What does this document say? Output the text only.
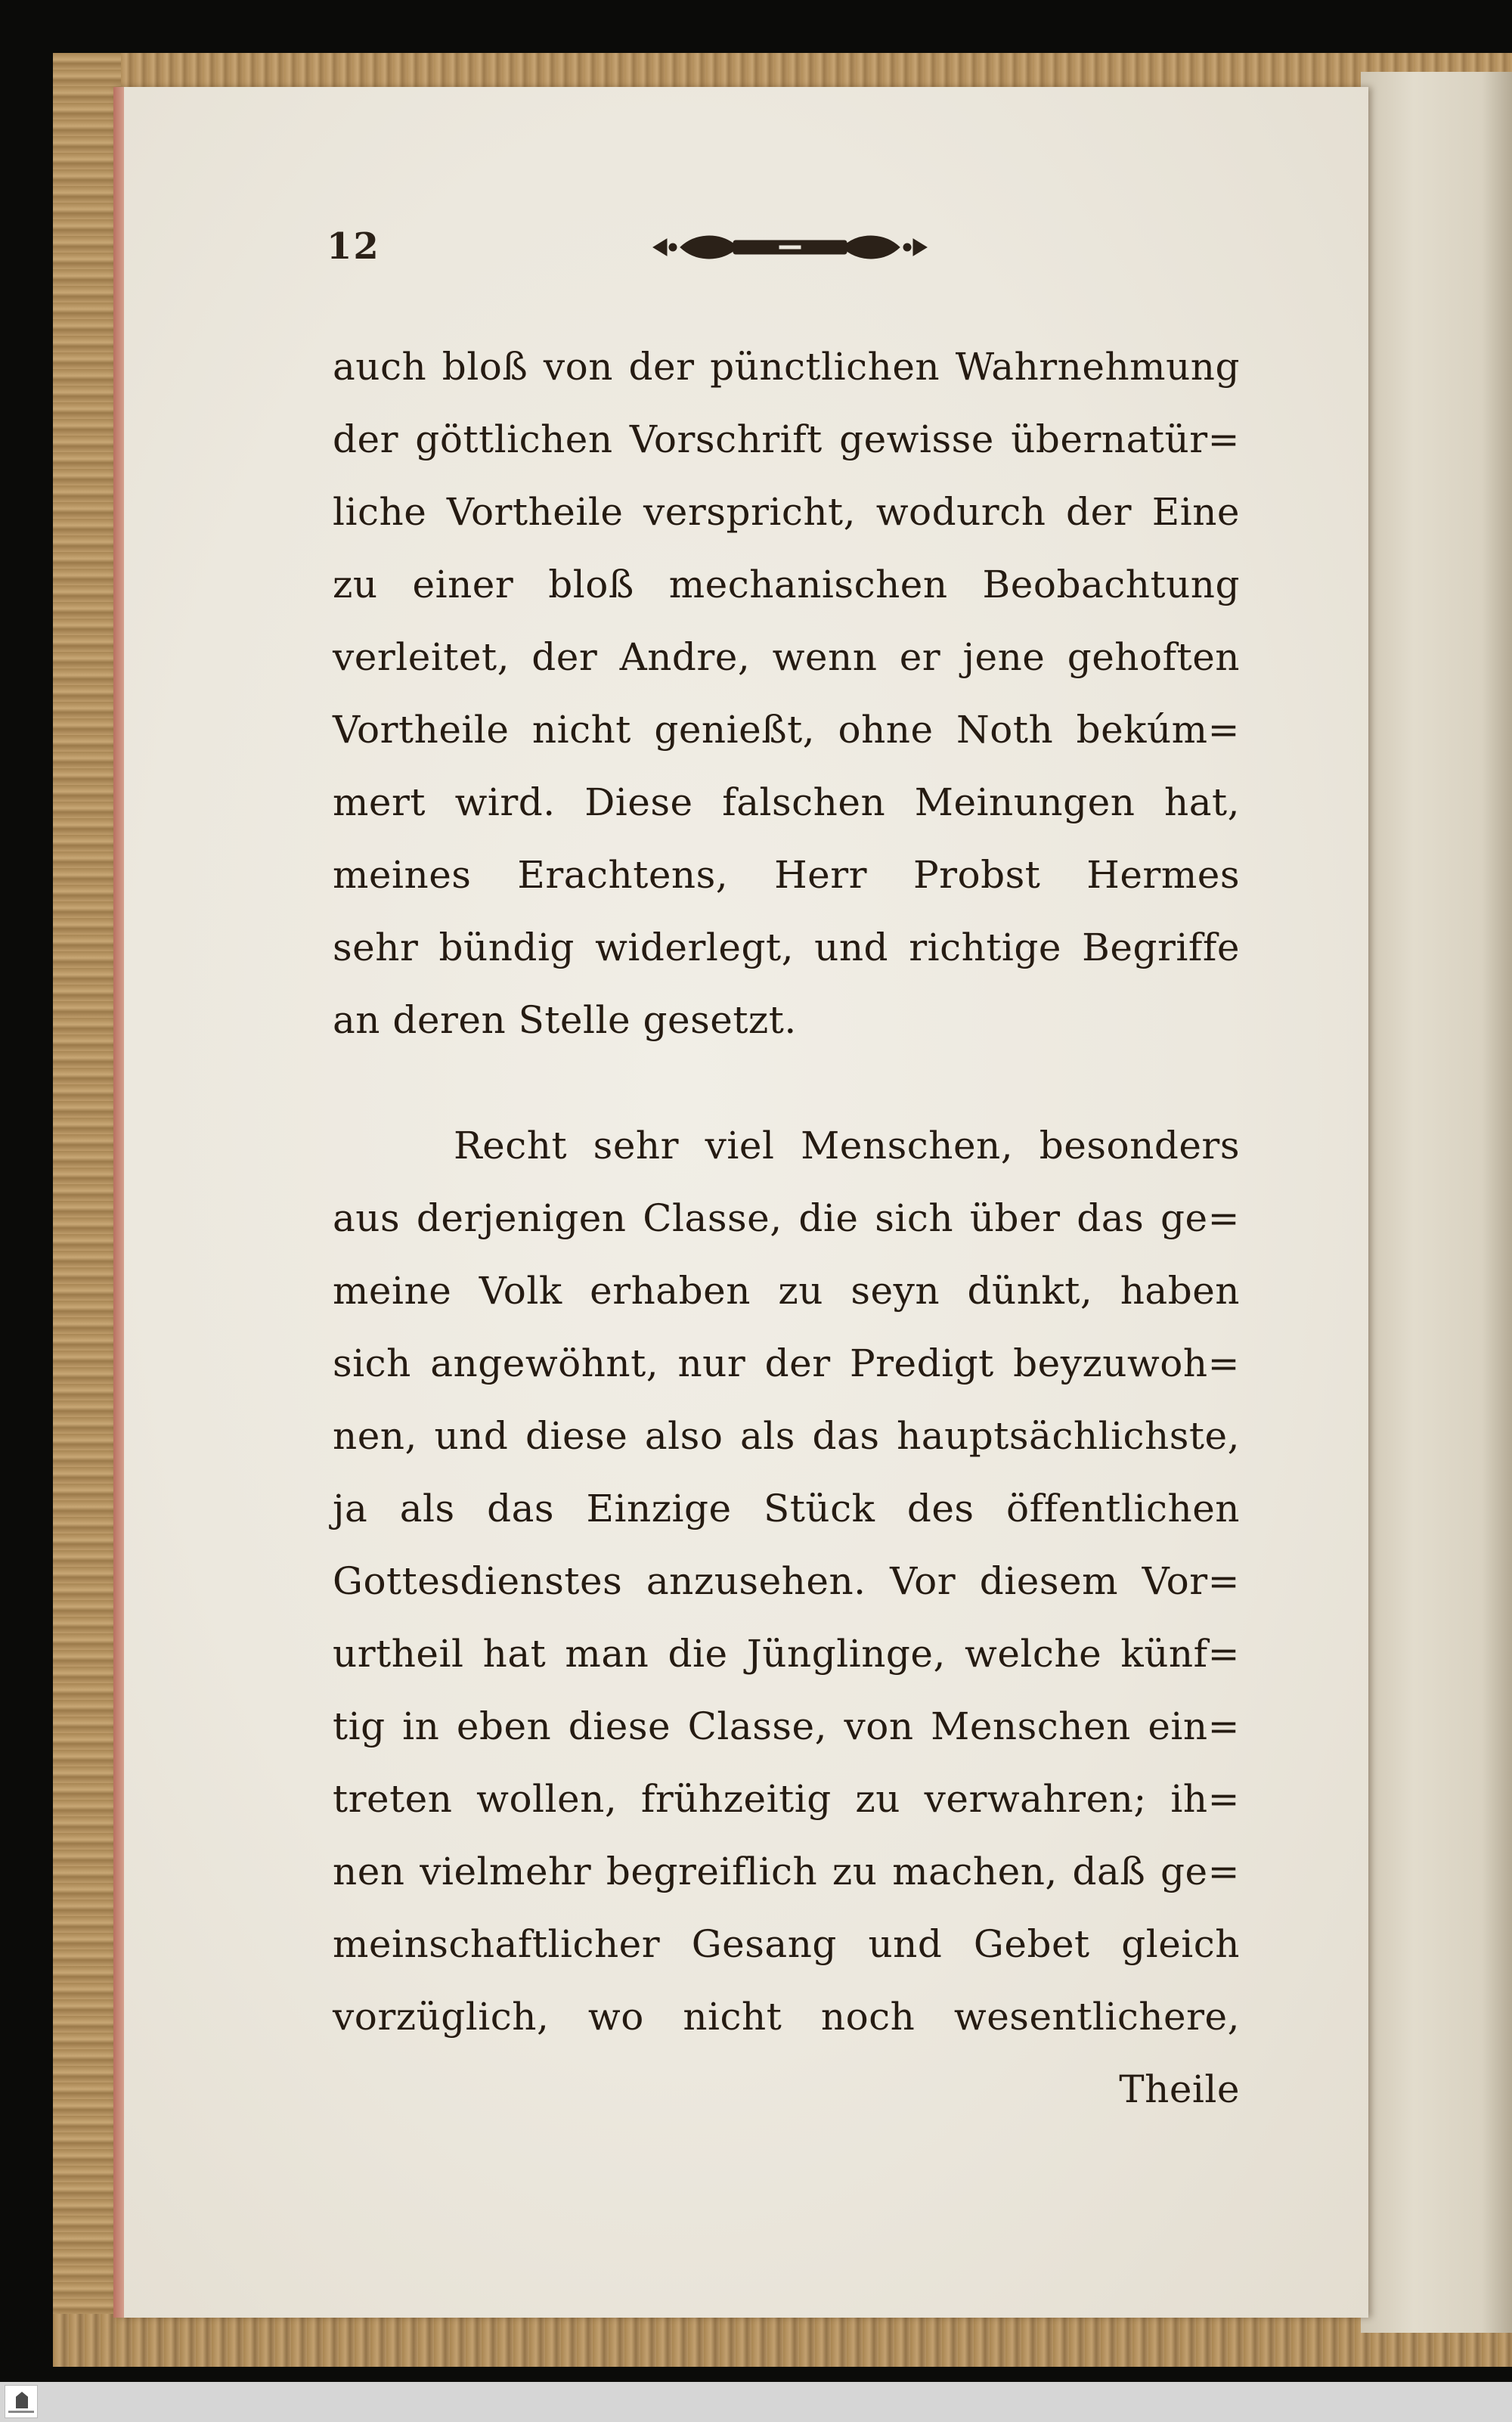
12
auch bloß von der pünctlichen Wahrnehmung
der göttlichen Vorschrift gewisse übernatür=
liche Vortheile verspricht, wodurch der Eine
zu einer bloß mechanischen Beobachtung
verleitet, der Andre, wenn er jene gehoften
Vortheile nicht genießt, ohne Noth bekúm=
mert wird. Diese falschen Meinungen hat,
meines Erachtens, Herr Probst Hermes
sehr bündig widerlegt, und richtige Begriffe
an deren Stelle gesetzt.
Recht sehr viel Menschen, besonders
aus derjenigen Classe, die sich über das ge=
meine Volk erhaben zu seyn dünkt, haben
sich angewöhnt, nur der Predigt beyzuwoh=
nen, und diese also als das hauptsächlichste,
ja als das Einzige Stück des öffentlichen
Gottesdienstes anzusehen. Vor diesem Vor=
urtheil hat man die Jünglinge, welche künf=
tig in eben diese Classe, von Menschen ein=
treten wollen, frühzeitig zu verwahren; ih=
nen vielmehr begreiflich zu machen, daß ge=
meinschaftlicher Gesang und Gebet gleich
vorzüglich, wo nicht noch wesentlichere,
Theile
